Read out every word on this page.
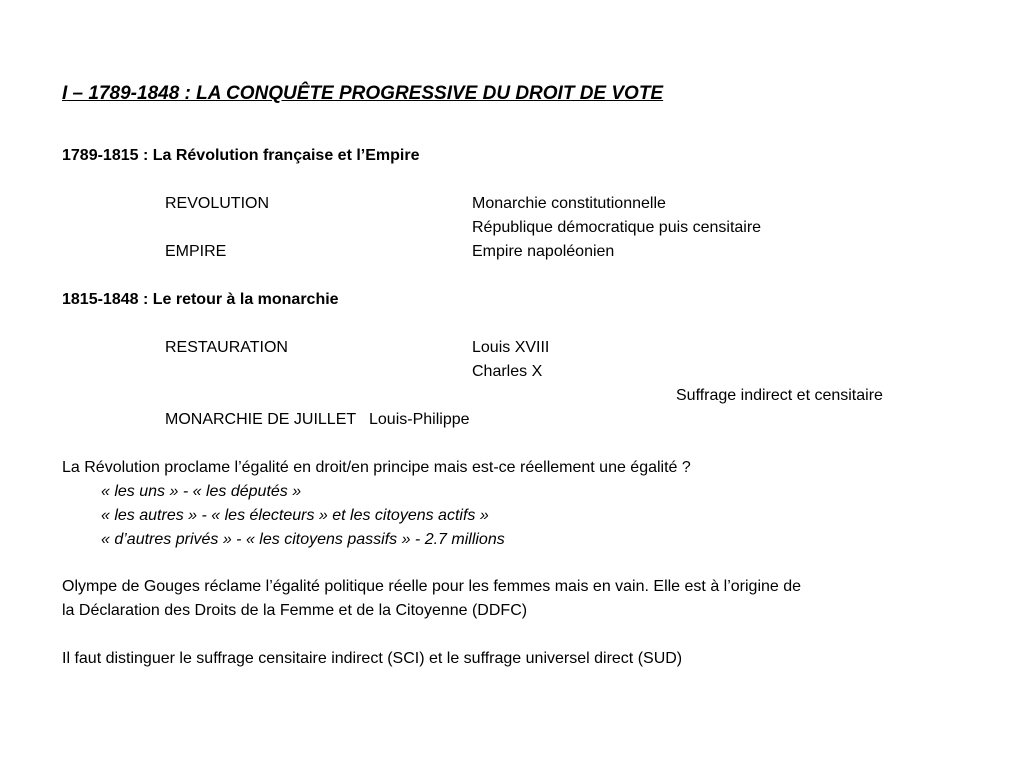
I – 1789-1848 : LA CONQUÊTE PROGRESSIVE DU DROIT DE VOTE
1789-1815 : La Révolution française et l’Empire
REVOLUTION	Monarchie constitutionnelle
République démocratique puis censitaire
EMPIRE	Empire napoléonien
1815-1848 : Le retour à la monarchie
RESTAURATION	Louis XVIII
Charles X
Suffrage indirect et censitaire
MONARCHIE DE JUILLET Louis-Philippe
La Révolution proclame l’égalité en droit/en principe mais est-ce réellement une égalité ?
« les uns » - « les députés »
« les autres » - « les électeurs » et les citoyens actifs »
« d’autres privés » - « les citoyens passifs » - 2.7 millions
Olympe de Gouges réclame l’égalité politique réelle pour les femmes mais en vain. Elle est à l’origine de
la Déclaration des Droits de la Femme et de la Citoyenne (DDFC)
Il faut distinguer le suffrage censitaire indirect (SCI) et le suffrage universel direct (SUD)
